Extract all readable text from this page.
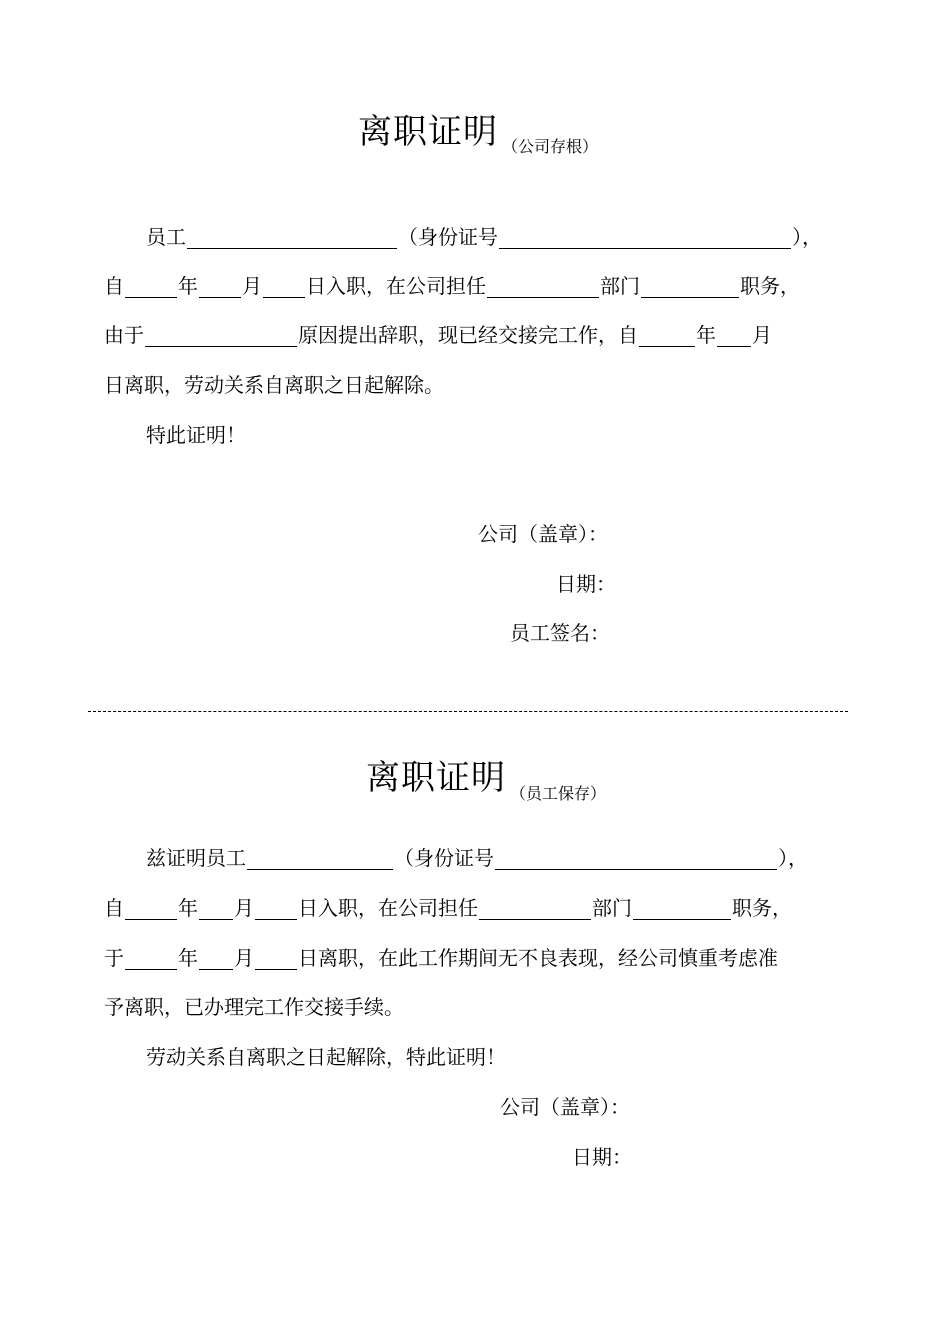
离职证明 （公司存根）
员工	（身份证号	），
自	年 月 日入职，在公司担任	部门	职务，
由于	原因提出辞职，现已经交接完工作，自	年 月
日离职，劳动关系自离职之日起解除。
特此证明！
公司（盖章）：
日期：
员工签名：
离职证明 （员工保存）
兹证明员工	（身份证号	），
自	年 月 日入职，在公司担任	部门	职务，
于	年 月 日离职，在此工作期间无不良表现，经公司慎重考虑准
予离职，已办理完工作交接手续。
劳动关系自离职之日起解除，特此证明！
公司（盖章）：
日期：
